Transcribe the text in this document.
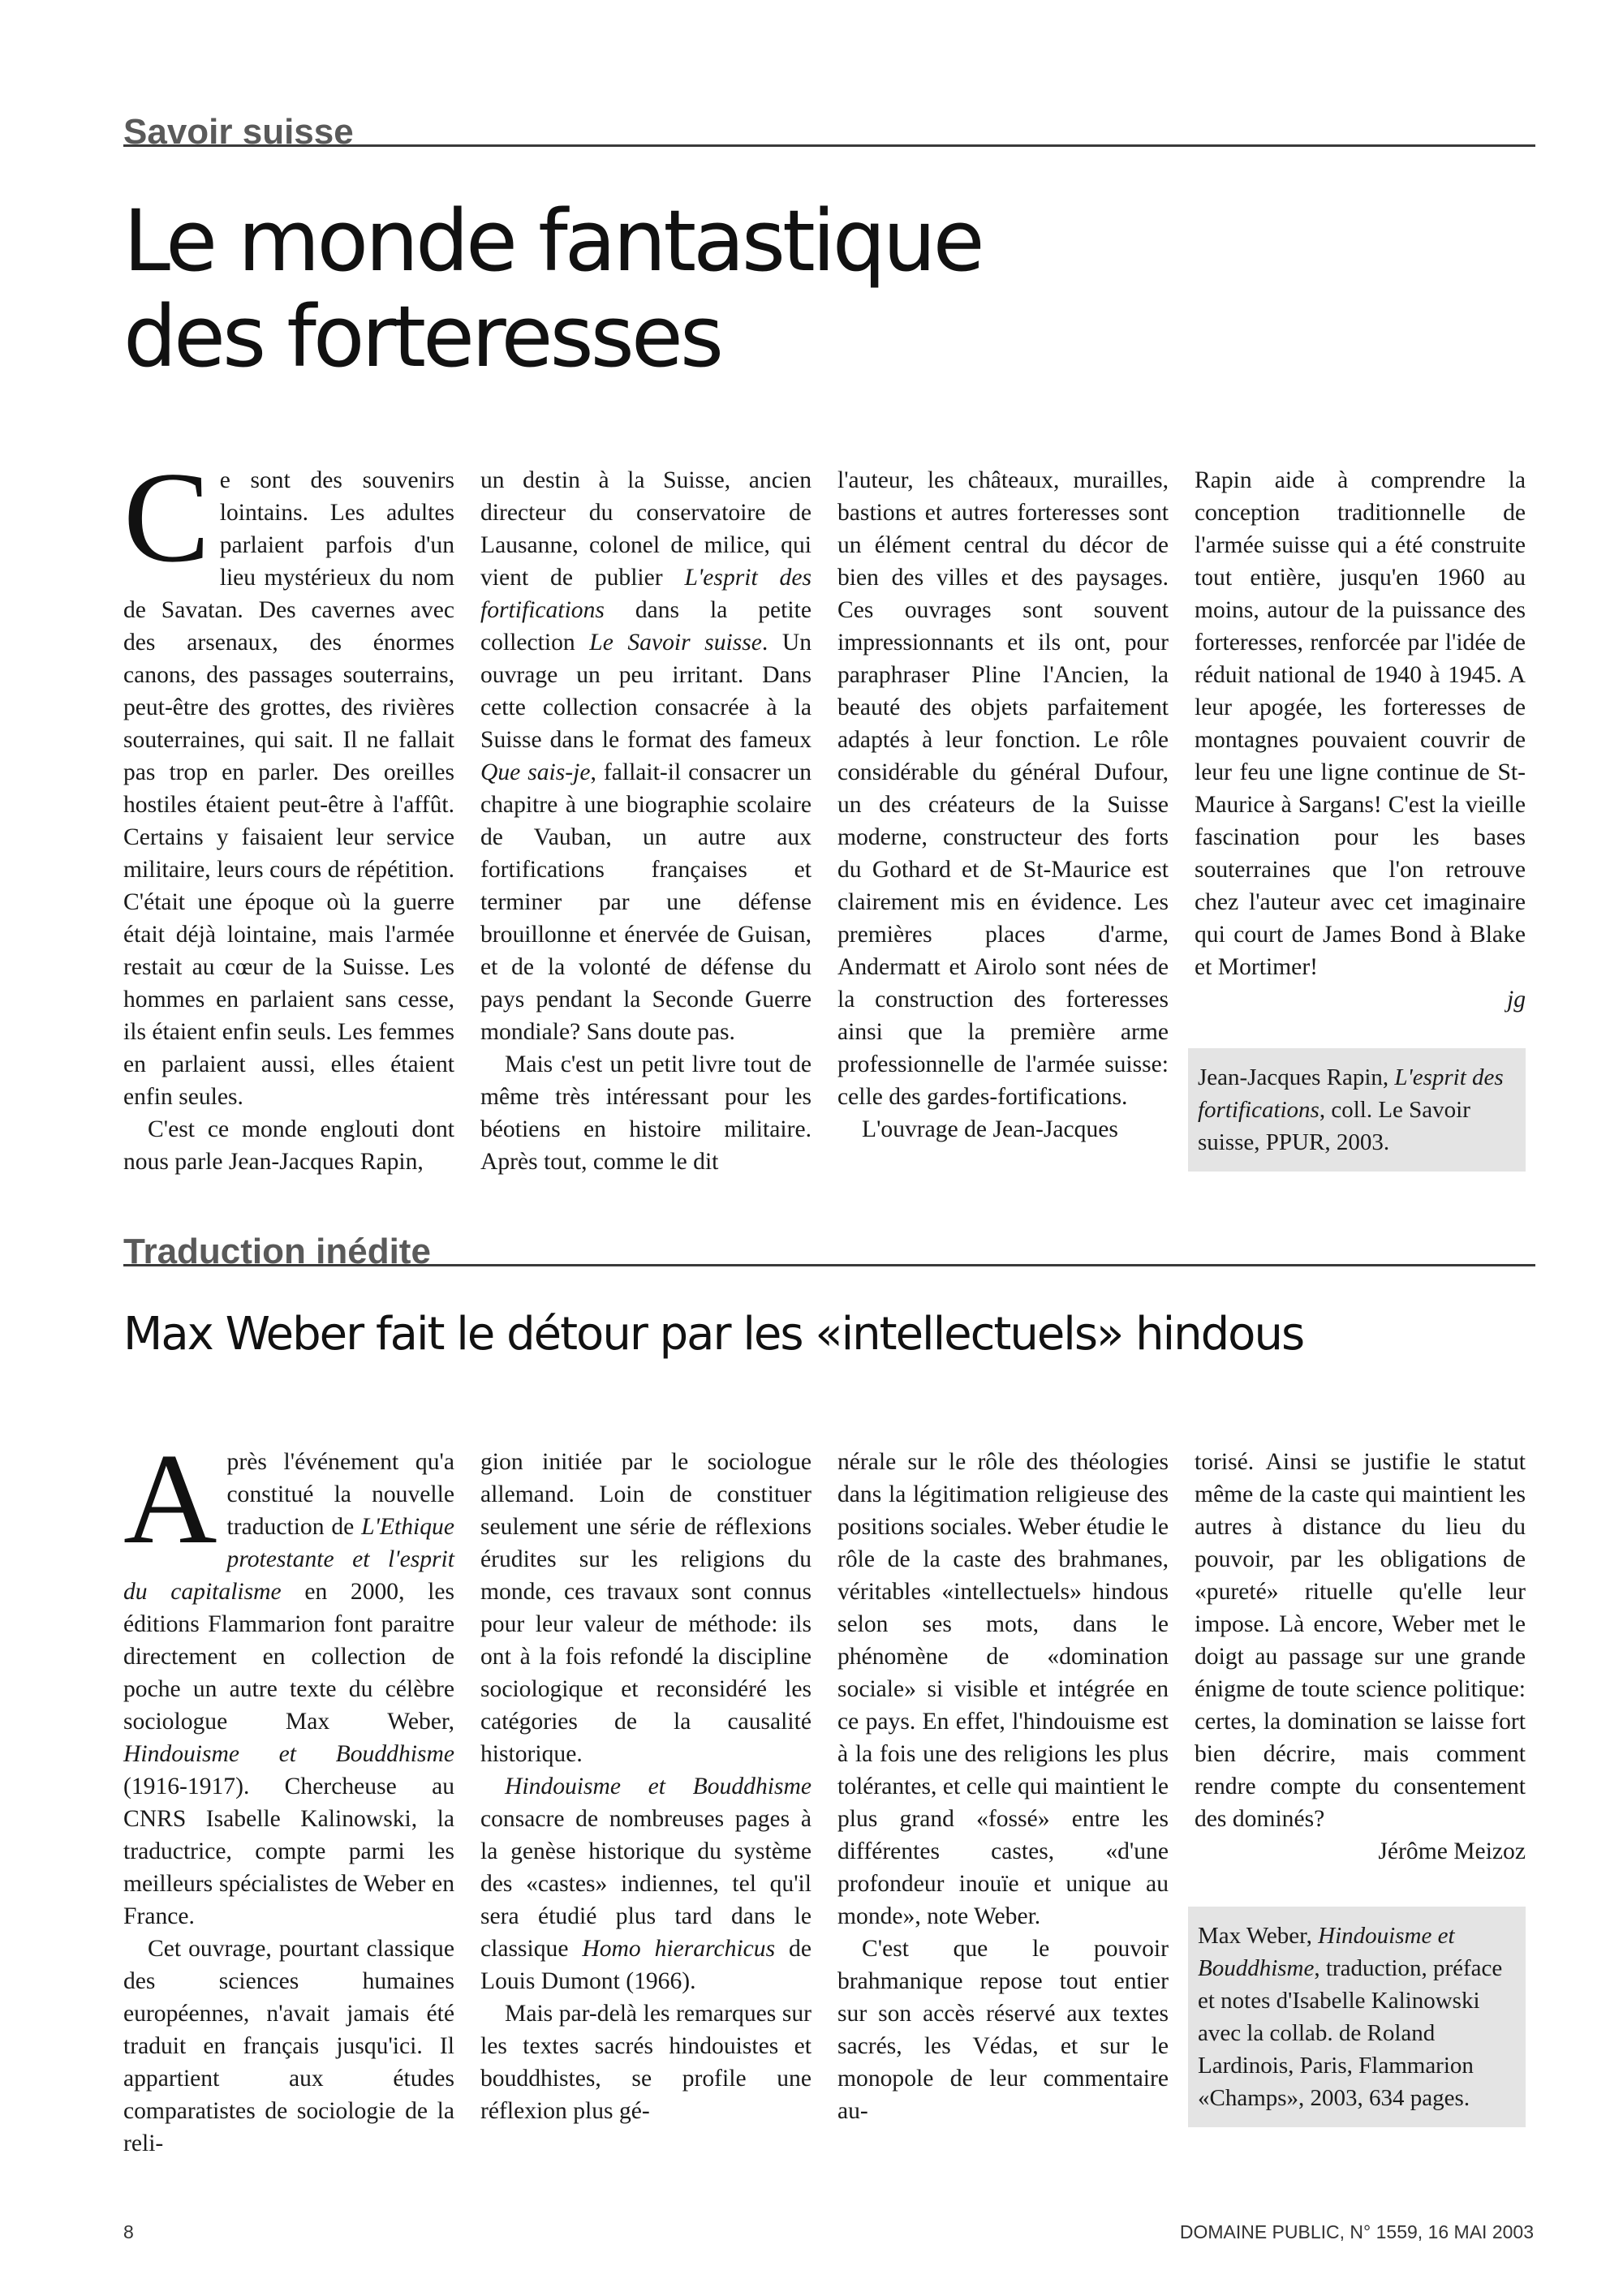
Savoir suisse
Le monde fantastique
des forteresses

Ce sont des souvenirs lointains. Les adultes parlaient parfois d'un lieu mystérieux du nom de Savatan. Des cavernes avec des arsenaux, des énormes canons, des passages souterrains, peut-être des grottes, des rivières souterraines, qui sait. Il ne fallait pas trop en parler. Des oreilles hostiles étaient peut-être à l'affût. Certains y faisaient leur service militaire, leurs cours de répétition. C'était une époque où la guerre était déjà lointaine, mais l'armée restait au cœur de la Suisse. Les hommes en parlaient sans cesse, ils étaient enfin seuls. Les femmes en parlaient aussi, elles étaient enfin seules.

C'est ce monde englouti dont nous parle Jean-Jacques Rapin,

un destin à la Suisse, ancien directeur du conservatoire de Lausanne, colonel de milice, qui vient de publier L'esprit des fortifications dans la petite collection Le Savoir suisse. Un ouvrage un peu irritant. Dans cette collection consacrée à la Suisse dans le format des fameux Que sais-je, fallait-il consacrer un chapitre à une biographie scolaire de Vauban, un autre aux fortifications françaises et terminer par une défense brouillonne et énervée de Guisan, et de la volonté de défense du pays pendant la Seconde Guerre mondiale? Sans doute pas.

Mais c'est un petit livre tout de même très intéressant pour les béotiens en histoire militaire. Après tout, comme le dit

l'auteur, les châteaux, murailles, bastions et autres forteresses sont un élément central du décor de bien des villes et des paysages. Ces ouvrages sont souvent impressionnants et ils ont, pour paraphraser Pline l'Ancien, la beauté des objets parfaitement adaptés à leur fonction. Le rôle considérable du général Dufour, un des créateurs de la Suisse moderne, constructeur des forts du Gothard et de St-Maurice est clairement mis en évidence. Les premières places d'arme, Andermatt et Airolo sont nées de la construction des forteresses ainsi que la première arme professionnelle de l'armée suisse: celle des gardes-fortifications.

L'ouvrage de Jean-Jacques

Rapin aide à comprendre la conception traditionnelle de l'armée suisse qui a été construite tout entière, jusqu'en 1960 au moins, autour de la puissance des forteresses, renforcée par l'idée de réduit national de 1940 à 1945. A leur apogée, les forteresses de montagnes pouvaient couvrir de leur feu une ligne continue de St-Maurice à Sargans! C'est la vieille fascination pour les bases souterraines que l'on retrouve chez l'auteur avec cet imaginaire qui court de James Bond à Blake et Mortimer!

jg

Jean-Jacques Rapin, L'esprit des fortifications, coll. Le Savoir suisse, PPUR, 2003.

Traduction inédite
Max Weber fait le détour par les «intellectuels» hindous

Après l'événement qu'a constitué la nouvelle traduction de L'Ethique protestante et l'esprit du capitalisme en 2000, les éditions Flammarion font paraitre directement en collection de poche un autre texte du célèbre sociologue Max Weber, Hindouisme et Bouddhisme (1916-1917). Chercheuse au CNRS Isabelle Kalinowski, la traductrice, compte parmi les meilleurs spécialistes de Weber en France.

Cet ouvrage, pourtant classique des sciences humaines européennes, n'avait jamais été traduit en français jusqu'ici. Il appartient aux études comparatistes de sociologie de la reli-

gion initiée par le sociologue allemand. Loin de constituer seulement une série de réflexions érudites sur les religions du monde, ces travaux sont connus pour leur valeur de méthode: ils ont à la fois refondé la discipline sociologique et reconsidéré les catégories de la causalité historique.

Hindouisme et Bouddhisme consacre de nombreuses pages à la genèse historique du système des «castes» indiennes, tel qu'il sera étudié plus tard dans le classique Homo hierarchicus de Louis Dumont (1966).

Mais par-delà les remarques sur les textes sacrés hindouistes et bouddhistes, se profile une réflexion plus gé-

nérale sur le rôle des théologies dans la légitimation religieuse des positions sociales. Weber étudie le rôle de la caste des brahmanes, véritables «intellectuels» hindous selon ses mots, dans le phénomène de «domination sociale» si visible et intégrée en ce pays. En effet, l'hindouisme est à la fois une des religions les plus tolérantes, et celle qui maintient le plus grand «fossé» entre les différentes castes, «d'une profondeur inouïe et unique au monde», note Weber.

C'est que le pouvoir brahmanique repose tout entier sur son accès réservé aux textes sacrés, les Védas, et sur le monopole de leur commentaire au-

torisé. Ainsi se justifie le statut même de la caste qui maintient les autres à distance du lieu du pouvoir, par les obligations de «pureté» rituelle qu'elle leur impose. Là encore, Weber met le doigt au passage sur une grande énigme de toute science politique: certes, la domination se laisse fort bien décrire, mais comment rendre compte du consentement des dominés?

Jérôme Meizoz

Max Weber, Hindouisme et Bouddhisme, traduction, préface et notes d'Isabelle Kalinowski avec la collab. de Roland Lardinois, Paris, Flammarion «Champs», 2003, 634 pages.

8	DOMAINE PUBLIC, N° 1559, 16 MAI 2003
